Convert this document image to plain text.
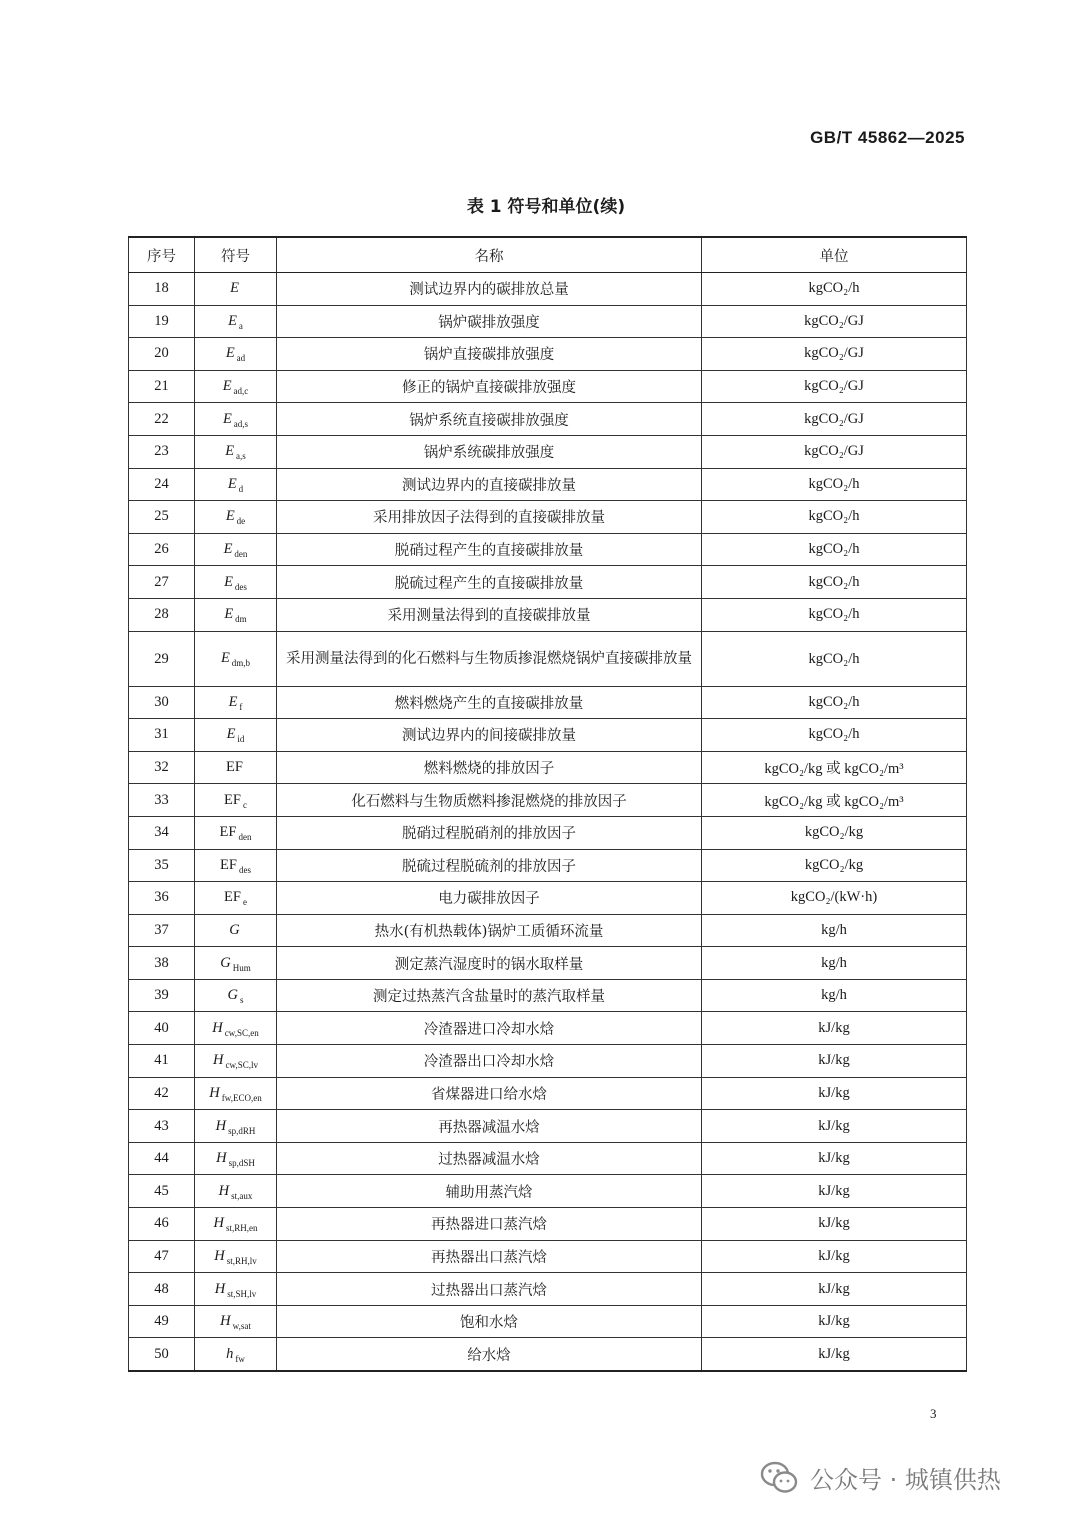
GB/T 45862—2025
表 1 符号和单位(续)
序号	符号	名称	单位
18	E	测试边界内的碳排放总量	kgCO₂/h
19	E $_a$	锅炉碳排放强度	kgCO₂/GJ
20	E $_{ad}$	锅炉直接碳排放强度	kgCO₂/GJ
21	E $_{ad,c}$	修正的锅炉直接碳排放强度	kgCO₂/GJ
22	E $_{ad,s}$	锅炉系统直接碳排放强度	kgCO₂/GJ
23	E $_{a,s}$	锅炉系统碳排放强度	kgCO₂/GJ
24	E $_d$	测试边界内的直接碳排放量	kgCO₂/h
25	E $_{de}$	采用排放因子法得到的直接碳排放量	kgCO₂/h
26	E $_{den}$	脱硝过程产生的直接碳排放量	kgCO₂/h
27	E $_{des}$	脱硫过程产生的直接碳排放量	kgCO₂/h
28	E $_{dm}$	采用测量法得到的直接碳排放量	kgCO₂/h
29	E $_{dm,b}$	采用测量法得到的化石燃料与生物质掺混燃烧锅炉直接碳排放量	kgCO₂/h
30	E $_f$	燃料燃烧产生的直接碳排放量	kgCO₂/h
31	E $_{id}$	测试边界内的间接碳排放量	kgCO₂/h
32	EF	燃料燃烧的排放因子	kgCO₂/kg 或 kgCO₂/m³
33	EF $_c$	化石燃料与生物质燃料掺混燃烧的排放因子	kgCO₂/kg 或 kgCO₂/m³
34	EF $_{den}$	脱硝过程脱硝剂的排放因子	kgCO₂/kg
35	EF $_{des}$	脱硫过程脱硫剂的排放因子	kgCO₂/kg
36	EF $_e$	电力碳排放因子	kgCO₂/(kW·h)
37	G	热水(有机热载体)锅炉工质循环流量	kg/h
38	G $_{Hum}$	测定蒸汽湿度时的锅水取样量	kg/h
39	G $_s$	测定过热蒸汽含盐量时的蒸汽取样量	kg/h
40	H $_{cw,SC,en}$	冷渣器进口冷却水焓	kJ/kg
41	H $_{cw,SC,lv}$	冷渣器出口冷却水焓	kJ/kg
42	H $_{fw,ECO,en}$	省煤器进口给水焓	kJ/kg
43	H $_{sp,dRH}$	再热器减温水焓	kJ/kg
44	H $_{sp,dSH}$	过热器减温水焓	kJ/kg
45	H $_{st,aux}$	辅助用蒸汽焓	kJ/kg
46	H $_{st,RH,en}$	再热器进口蒸汽焓	kJ/kg
47	H $_{st,RH,lv}$	再热器出口蒸汽焓	kJ/kg
48	H $_{st,SH,lv}$	过热器出口蒸汽焓	kJ/kg
49	H $_{w,sat}$	饱和水焓	kJ/kg
50	h $_{fw}$	给水焓	kJ/kg
3
公众号 · 城镇供热
